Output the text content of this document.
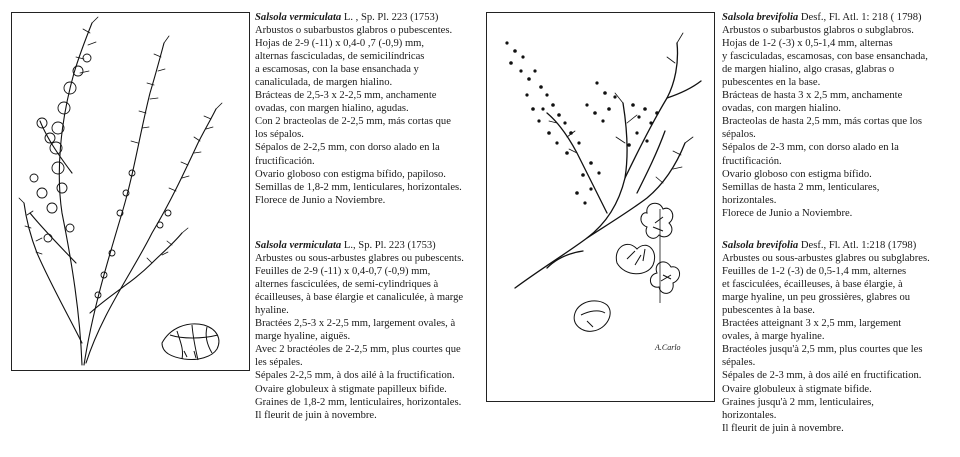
Salsola vermiculata L. , Sp. Pl. 223 (1753)

Arbustos o subarbustos glabros o pubescentes.

Hojas de 2-9 (-11) x 0,4-0 ,7 (-0,9) mm,

alternas fasciculadas, de semicilíndricas

a escamosas, con la base ensanchada y

canaliculada, de margen hialino.

Brácteas de 2,5-3 x 2-2,5 mm, anchamente

ovadas, con margen hialino, agudas.

Con 2 bracteolas de 2-2,5 mm, más cortas que

los sépalos.

Sépalos de 2-2,5 mm, con dorso alado en la

fructificación.

Ovario globoso con estigma bífido, papiloso.

Semillas de 1,8-2 mm, lenticulares, horizontales.

Florece de Junio a Noviembre.

Salsola vermiculata L., Sp. Pl. 223 (1753)

Arbustes ou sous-arbustes glabres ou pubescents.

Feuilles de 2-9 (-11) x 0,4-0,7 (-0,9) mm,

alternes fasciculées, de semi-cylindriques à

écailleuses, à base élargie et canaliculée, à marge

hyaline.

Bractées 2,5-3 x 2-2,5 mm, largement ovales, à

marge hyaline, aiguës.

Avec 2 bractéoles de 2-2,5 mm, plus courtes que

les sépales.

Sépales 2-2,5 mm, à dos ailé à la fructification.

Ovaire globuleux à stigmate papilleux bifide.

Graines de 1,8-2 mm, lenticulaires, horizontales.

Il fleurit de juin à novembre.

A.Carlo

Salsola brevifolia Desf., Fl. Atl. 1: 218 ( 1798)

Arbustos o subarbustos glabros o subglabros.

Hojas de 1-2 (-3) x 0,5-1,4 mm, alternas

y fasciculadas, escamosas, con base ensanchada,

de margen hialino, algo crasas, glabras o

pubescentes en la base.

Brácteas de hasta 3 x 2,5 mm, anchamente

ovadas, con margen hialino.

Bracteolas de hasta 2,5 mm, más cortas que los

sépalos.

Sépalos de 2-3 mm, con dorso alado en la

fructificación.

Ovario globoso con estigma bífido.

Semillas de hasta 2 mm, lenticulares,

horizontales.

Florece de Junio a Noviembre.

Salsola brevifolia Desf., Fl. Atl. 1:218 (1798)

Arbustes ou sous-arbustes glabres ou subglabres.

Feuilles de 1-2 (-3) de 0,5-1,4 mm, alternes

et fasciculées, écailleuses, à base élargie, à

marge hyaline, un peu grossières, glabres ou

pubescentes à la base.

Bractées atteignant 3 x 2,5 mm, largement

ovales, à marge hyaline.

Bractéoles jusqu'à 2,5 mm, plus courtes que les

sépales.

Sépales de 2-3 mm, à dos ailé en fructification.

Ovaire globuleux à stigmate bifide.

Graines jusqu'à 2 mm, lenticulaires,

horizontales.

Il fleurit de juin à novembre.
